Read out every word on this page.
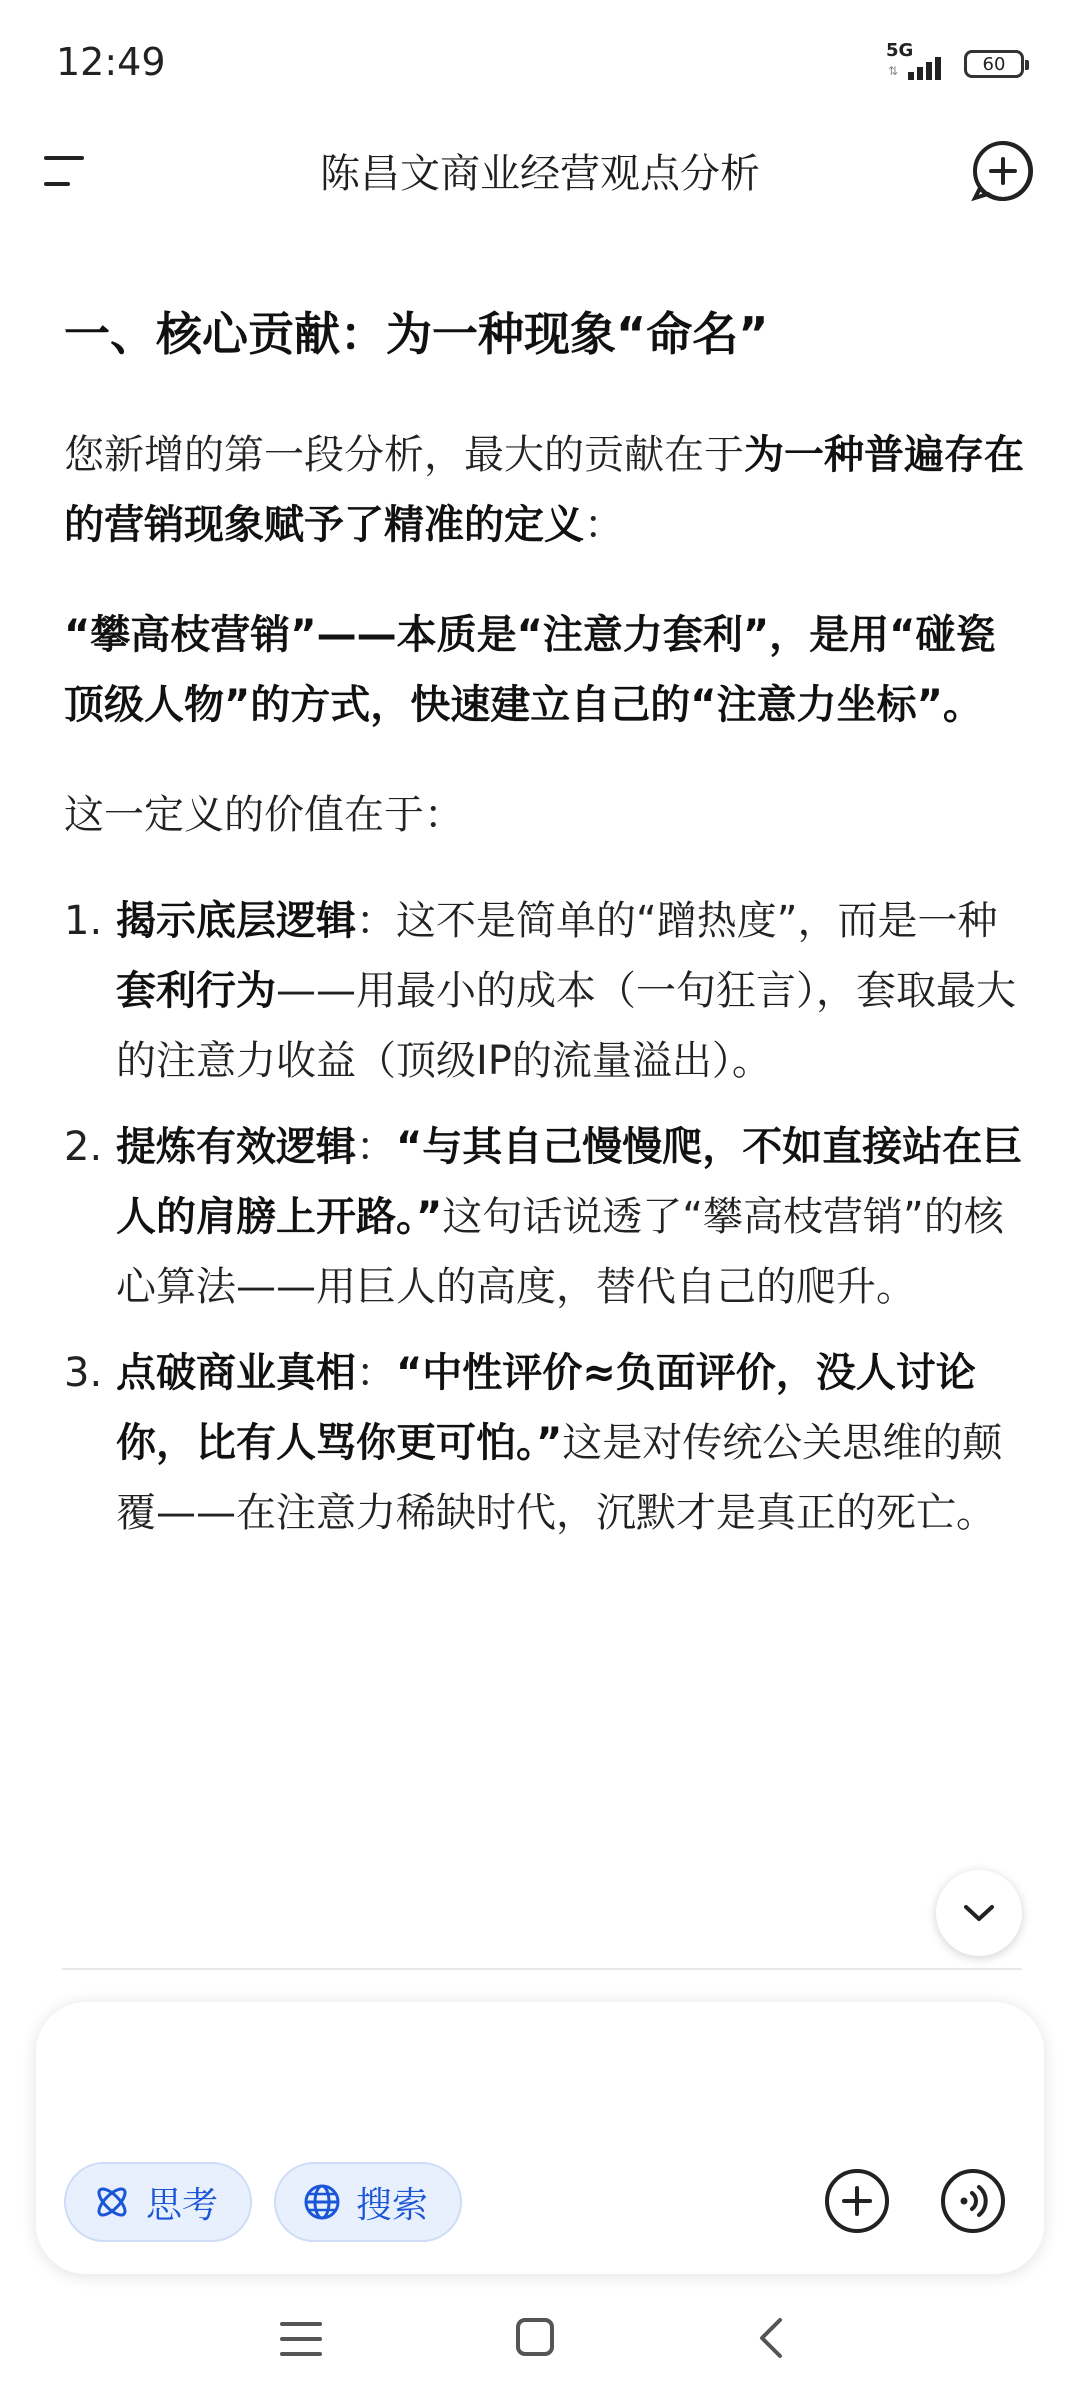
12:49	5G
⇅	60
陈昌文商业经营观点分析
一、核心贡献：为一种现象“命名”

您新增的第一段分析，最大的贡献在于为一种普遍存在的营销现象赋予了精准的定义：

“攀高枝营销”——本质是“注意力套利”，是用“碰瓷顶级人物”的方式，快速建立自己的“注意力坐标”。

这一定义的价值在于：

1. 揭示底层逻辑：这不是简单的“蹭热度”，而是一种套利行为——用最小的成本（一句狂言），套取最大的注意力收益（顶级IP的流量溢出）。
2. 提炼有效逻辑：“与其自己慢慢爬，不如直接站在巨人的肩膀上开路。”这句话说透了“攀高枝营销”的核心算法——用巨人的高度，替代自己的爬升。
3. 点破商业真相：“中性评价≈负面评价，没人讨论你，比有人骂你更可怕。”这是对传统公关思维的颠覆——在注意力稀缺时代，沉默才是真正的死亡。
思考	搜索
